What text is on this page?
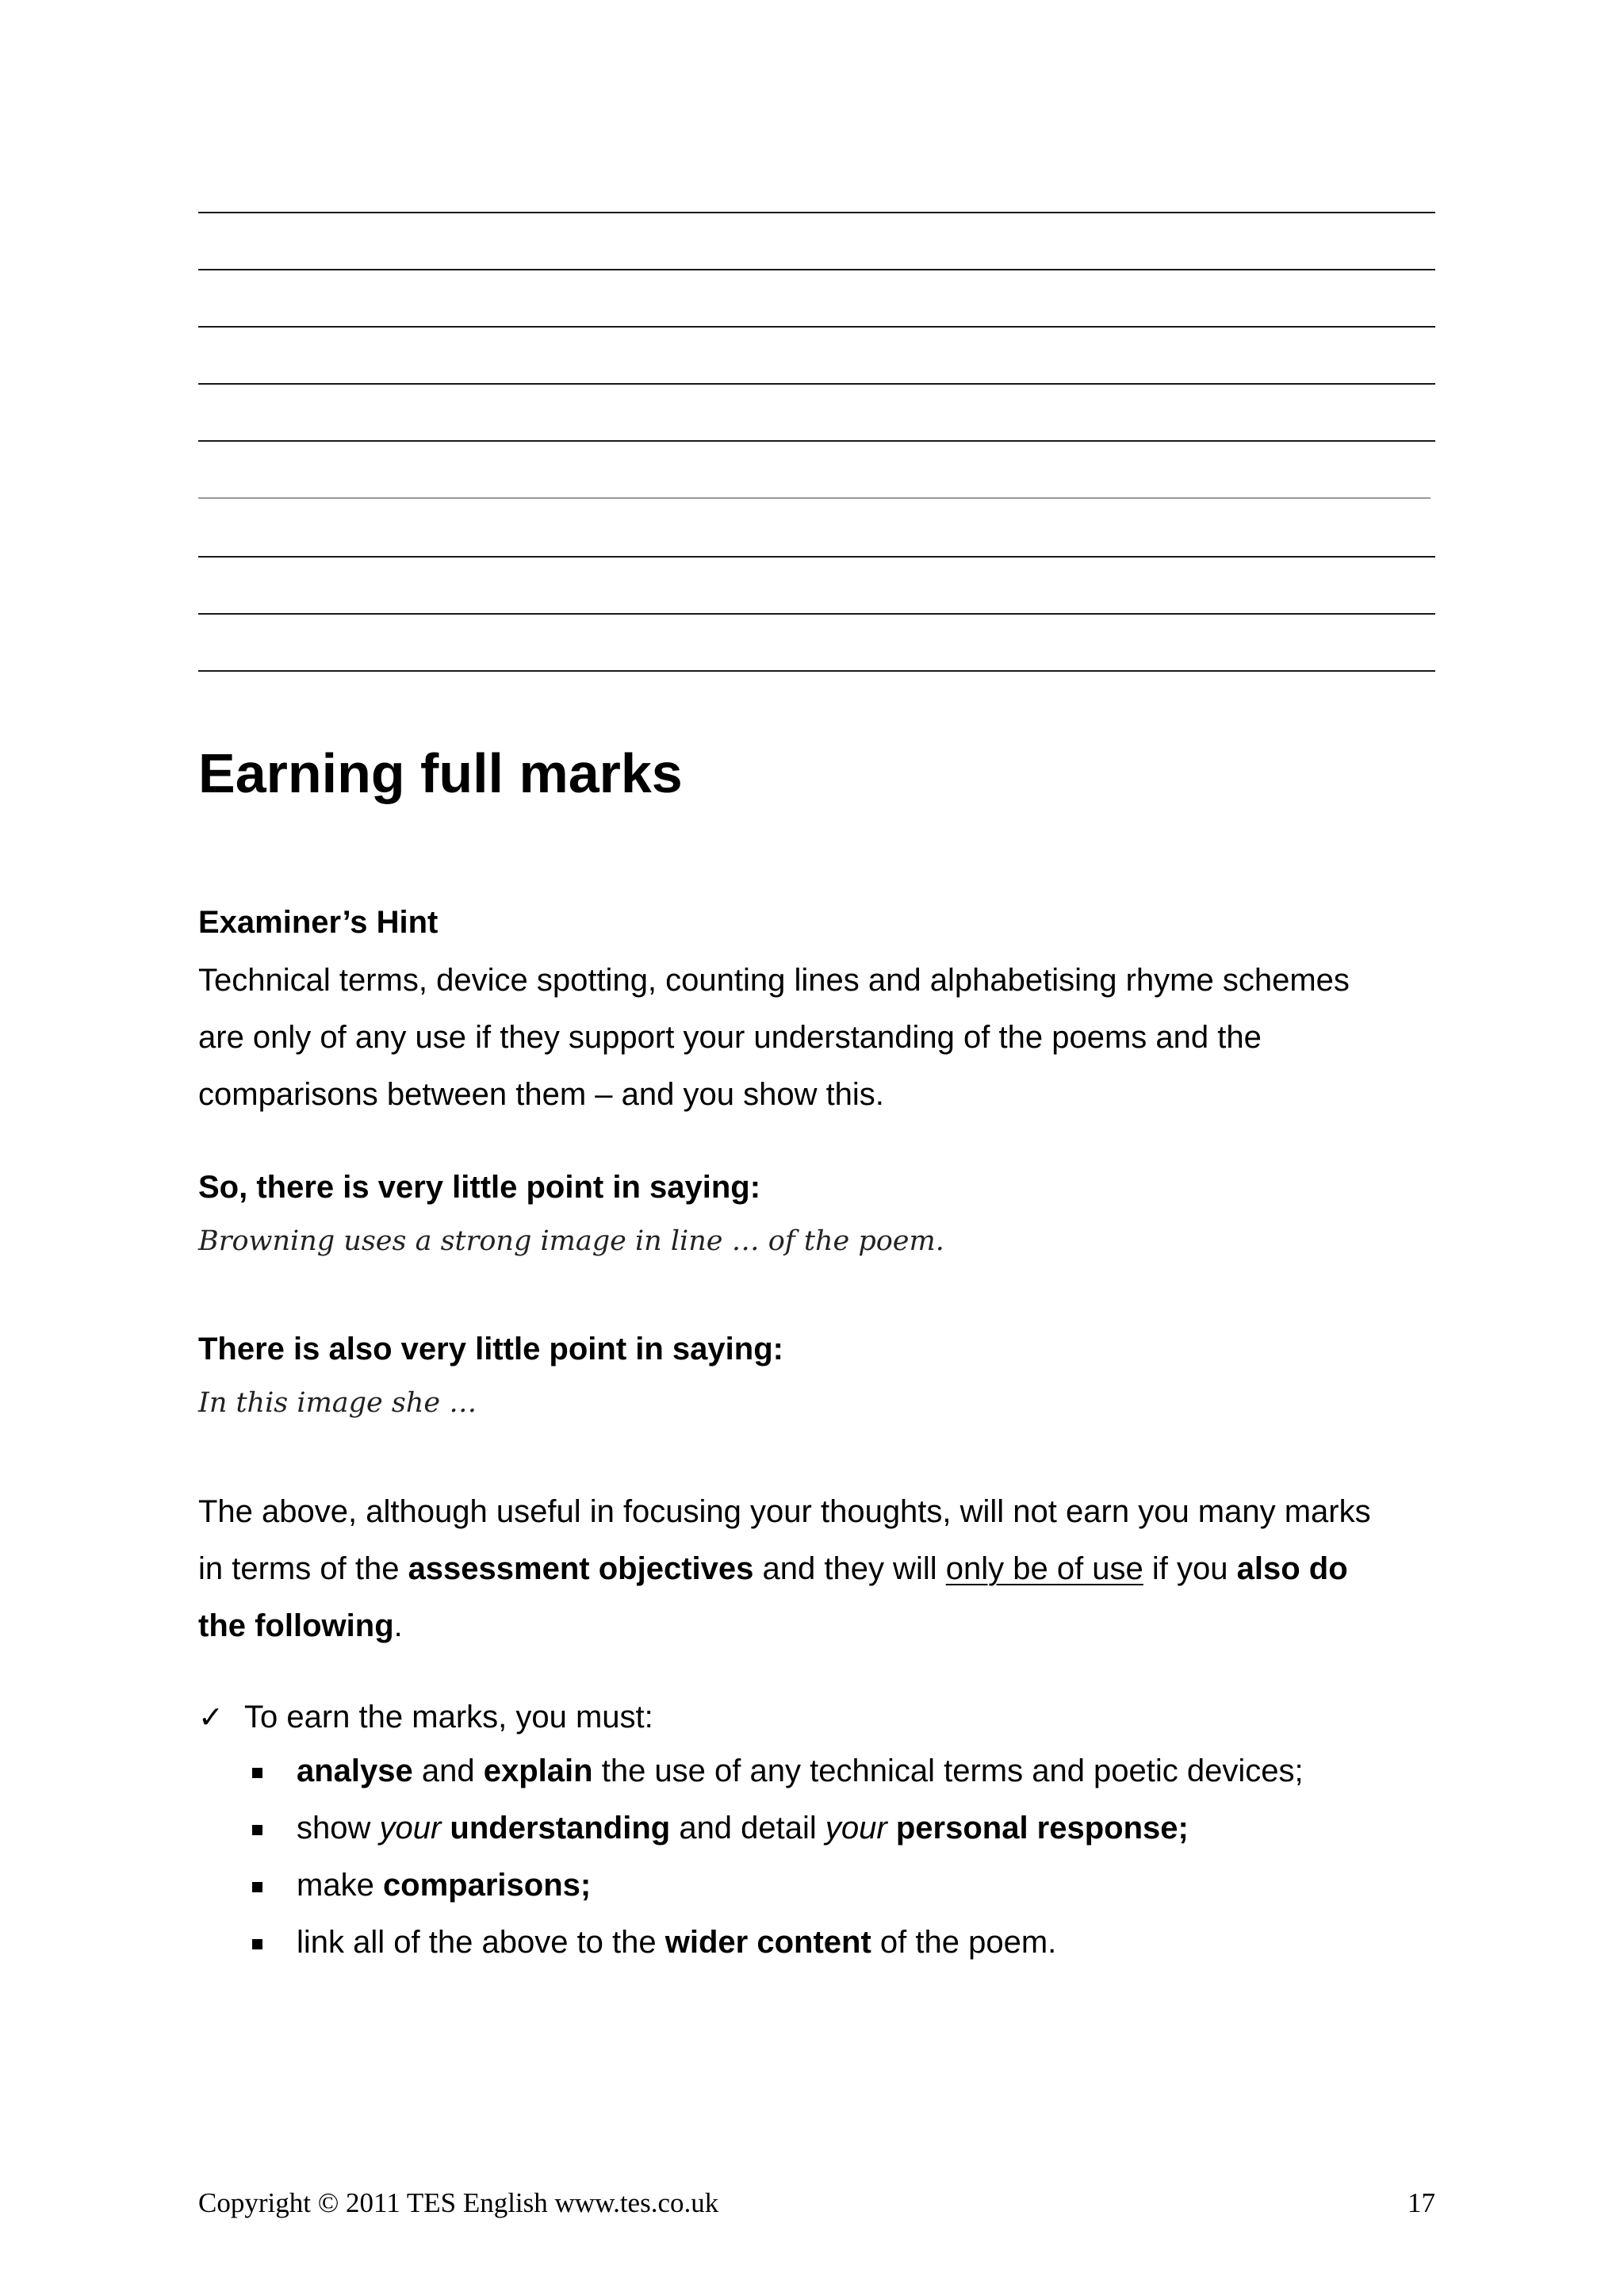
Earning full marks
Examiner’s Hint
Technical terms, device spotting, counting lines and alphabetising rhyme schemes
are only of any use if they support your understanding of the poems and the
comparisons between them – and you show this.
So, there is very little point in saying:
Browning uses a strong image in line … of the poem.
There is also very little point in saying:
In this image she …
The above, although useful in focusing your thoughts, will not earn you many marks
in terms of the assessment objectives and they will only be of use if you also do
the following.
✓ To earn the marks, you must:
analyse and explain the use of any technical terms and poetic devices;
show your understanding and detail your personal response;
make comparisons;
link all of the above to the wider content of the poem.
Copyright © 2011 TES English www.tes.co.uk	17
